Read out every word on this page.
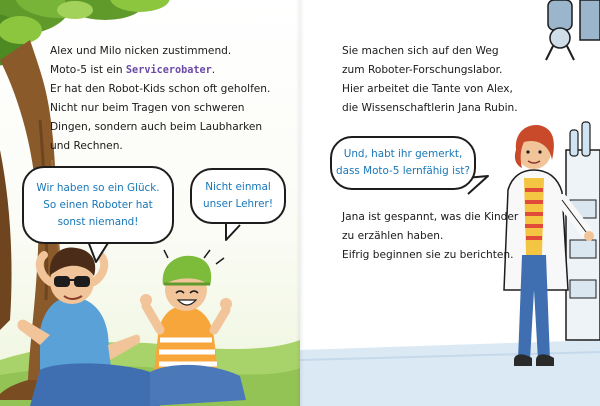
Alex und Milo nicken zustimmend.
Moto-5 ist ein Servicerobater.
Er hat den Robot-Kids schon oft geholfen.
Nicht nur beim Tragen von schweren
Dingen, sondern auch beim Laubharken
und Rechnen.
Wir haben so ein Glück.
So einen Roboter hat
sonst niemand!
Nicht einmal
unser Lehrer!
Sie machen sich auf den Weg
zum Roboter-Forschungslabor.
Hier arbeitet die Tante von Alex,
die Wissenschaftlerin Jana Rubin.
Und, habt ihr gemerkt,
dass Moto-5 lernfähig ist?
Jana ist gespannt, was die Kinder
zu erzählen haben.
Eifrig beginnen sie zu berichten.
